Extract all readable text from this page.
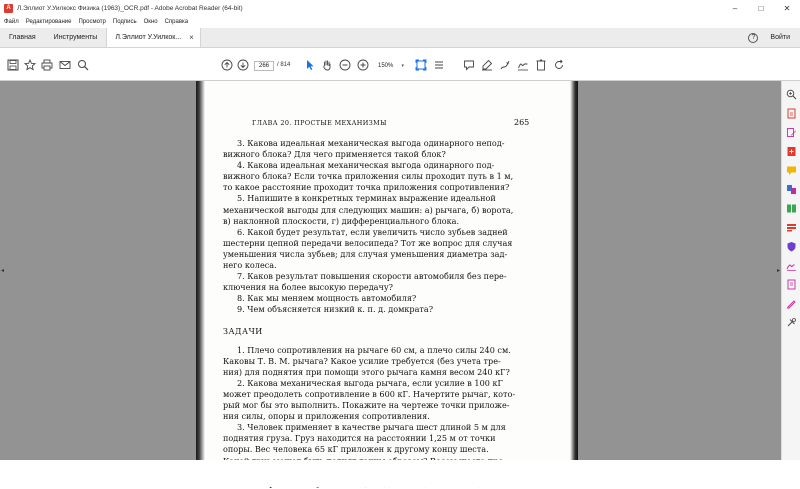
A Л.Эллиот У.Уилкокс Физика (1963)_OCR.pdf - Adobe Acrobat Reader (64-bit)	–	□	✕
Файл Редактирование Просмотр Подпись Окно Справка
Главная	Инструменты	Л.Эллиот У.Уилкок... ×	?	Войти
266	/ 814	150% ▾
◂	▸
ГЛАВА 20. ПРОСТЫЕ МЕХАНИЗМЫ	265
3. Какова идеальная механическая выгода одинарного непод-
вижного блока? Для чего применяется такой блок?
4. Какова идеальная механическая выгода одинарного под-
вижного блока? Если точка приложения силы проходит путь в 1 м,
то какое расстояние проходит точка приложения сопротивления?
5. Напишите в конкретных терминах выражение идеальной
механической выгоды для следующих машин: а) рычага, б) ворота,
в) наклонной плоскости, г) дифференциального блока.
6. Какой будет результат, если увеличить число зубьев задней
шестерни цепной передачи велосипеда? Тот же вопрос для случая
уменьшения числа зубьев; для случая уменьшения диаметра зад-
него колеса.
7. Каков результат повышения скорости автомобиля без пере-
ключения на более высокую передачу?
8. Как мы меняем мощность автомобиля?
9. Чем объясняется низкий к. п. д. домкрата?
ЗАДАЧИ
1. Плечо сопротивления на рычаге 60 см, а плечо силы 240 см.
Каковы Т. В. М. рычага? Какое усилие требуется (без учета тре-
ния) для поднятия при помощи этого рычага камня весом 240 кГ?
2. Какова механическая выгода рычага, если усилие в 100 кГ
может преодолеть сопротивление в 600 кГ. Начертите рычаг, кото-
рый мог бы это выполнить. Покажите на чертеже точки приложе-
ния силы, опоры и приложения сопротивления.
3. Человек применяет в качестве рычага шест длиной 5 м для
поднятия груза. Груз находится на расстоянии 1,25 м от точки
опоры. Вес человека 65 кГ приложен к другому концу шеста.
